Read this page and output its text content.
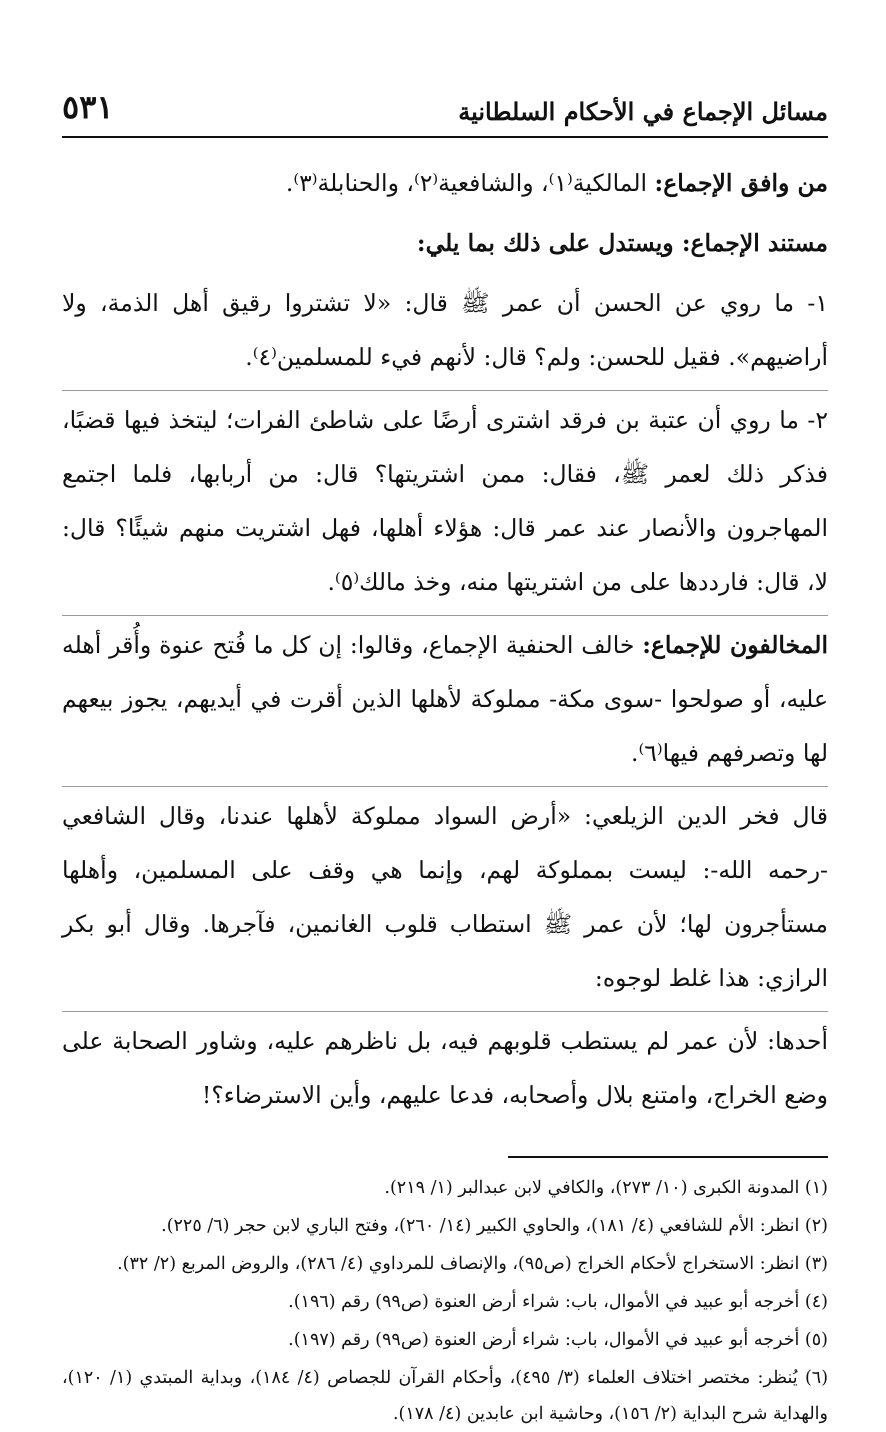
مسائل الإجماع في الأحكام السلطانية
٥٣١

من وافق الإجماع: المالكية⁽١⁾، والشافعية⁽٢⁾، والحنابلة⁽٣⁾.

مستند الإجماع: ويستدل على ذلك بما يلي:

١- ما روي عن الحسن أن عمر ﷺ قال: «لا تشتروا رقيق أهل الذمة، ولا أراضيهم». فقيل للحسن: ولم؟ قال: لأنهم فيء للمسلمين⁽٤⁾.

٢- ما روي أن عتبة بن فرقد اشترى أرضًا على شاطئ الفرات؛ ليتخذ فيها قضبًا، فذكر ذلك لعمر ﷺ، فقال: ممن اشتريتها؟ قال: من أربابها، فلما اجتمع المهاجرون والأنصار عند عمر قال: هؤلاء أهلها، فهل اشتريت منهم شيئًا؟ قال: لا، قال: فارددها على من اشتريتها منه، وخذ مالك⁽٥⁾.

المخالفون للإجماع: خالف الحنفية الإجماع، وقالوا: إن كل ما فُتح عنوة وأُقر أهله عليه، أو صولحوا -سوى مكة- مملوكة لأهلها الذين أقرت في أيديهم، يجوز بيعهم لها وتصرفهم فيها⁽٦⁾.

قال فخر الدين الزيلعي: «أرض السواد مملوكة لأهلها عندنا، وقال الشافعي -رحمه الله-: ليست بمملوكة لهم، وإنما هي وقف على المسلمين، وأهلها مستأجرون لها؛ لأن عمر ﷺ استطاب قلوب الغانمين، فآجرها. وقال أبو بكر الرازي: هذا غلط لوجوه:

أحدها: لأن عمر لم يستطب قلوبهم فيه، بل ناظرهم عليه، وشاور الصحابة على وضع الخراج، وامتنع بلال وأصحابه، فدعا عليهم، وأين الاسترضاء؟!

(١) المدونة الكبرى (١٠/ ٢٧٣)، والكافي لابن عبدالبر (١/ ٢١٩).

(٢) انظر: الأم للشافعي (٤/ ١٨١)، والحاوي الكبير (١٤/ ٢٦٠)، وفتح الباري لابن حجر (٦/ ٢٢٥).

(٣) انظر: الاستخراج لأحكام الخراج (ص٩٥)، والإنصاف للمرداوي (٤/ ٢٨٦)، والروض المربع (٢/ ٣٢).

(٤) أخرجه أبو عبيد في الأموال، باب: شراء أرض العنوة (ص٩٩) رقم (١٩٦).

(٥) أخرجه أبو عبيد في الأموال، باب: شراء أرض العنوة (ص٩٩) رقم (١٩٧).

(٦) يُنظر: مختصر اختلاف العلماء (٣/ ٤٩٥)، وأحكام القرآن للجصاص (٤/ ١٨٤)، وبداية المبتدي (١/ ١٢٠)، والهداية شرح البداية (٢/ ١٥٦)، وحاشية ابن عابدين (٤/ ١٧٨).
